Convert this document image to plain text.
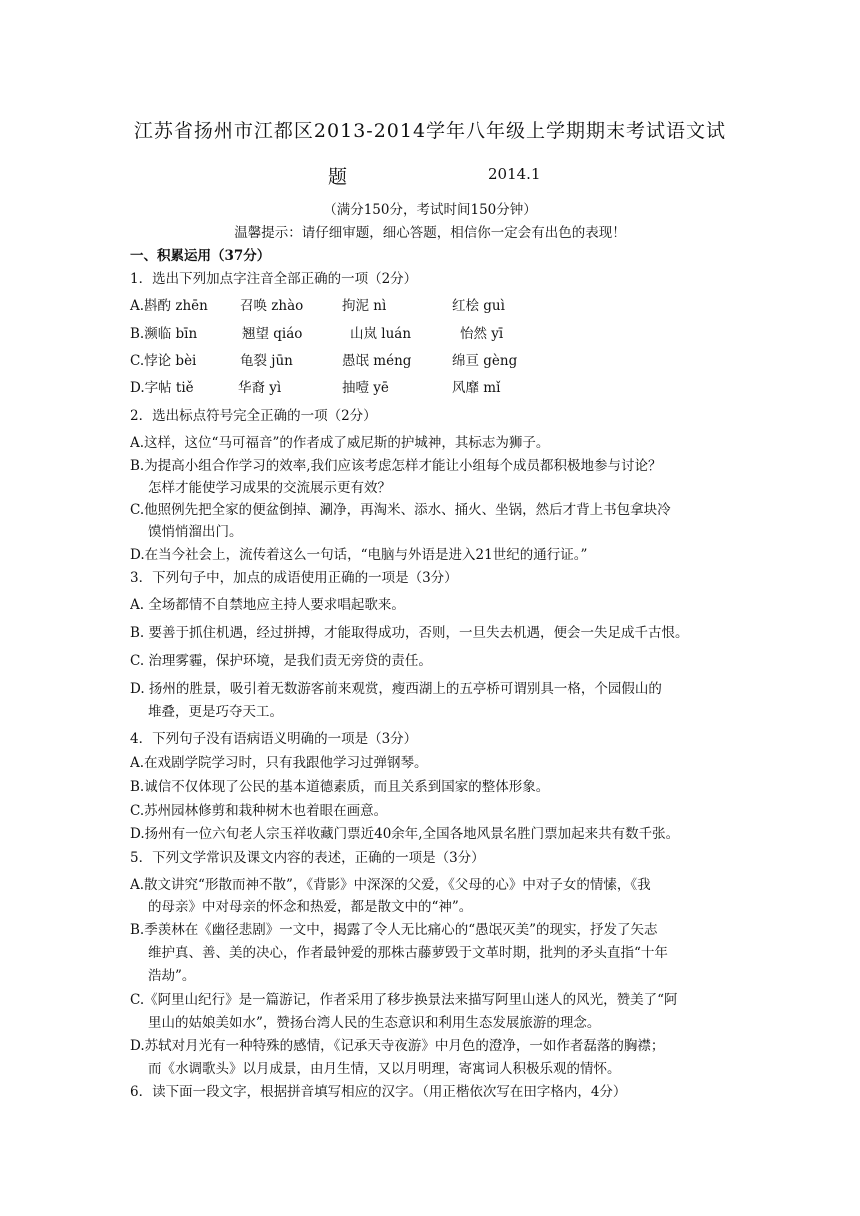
江苏省扬州市江都区2013-2014学年八年级上学期期末考试语文试
题	2014.1
（满分150分，考试时间150分钟）
温馨提示：请仔细审题，细心答题，相信你一定会有出色的表现！
一、积累运用（37分）
1．选出下列加点字注音全部正确的一项（2分）
A.斟酌 zhēn 召唤 zhào	拘泥 nì	红桧 guì
B.濒临 bīn	翘望 qiáo	山岚 luán	怡然 yī
C.悖论 bèi	龟裂 jūn	愚氓 méng	绵亘 gèng
D.字帖 tiě	华裔 yì	抽噎 yē	风靡 mǐ
2．选出标点符号完全正确的一项（2分）
A.这样，这位“马可福音”的作者成了威尼斯的护城神，其标志为狮子。
B.为提高小组合作学习的效率,我们应该考虑怎样才能让小组每个成员都积极地参与讨论？
怎样才能使学习成果的交流展示更有效？
C.他照例先把全家的便盆倒掉、涮净，再淘米、添水、捅火、坐锅，然后才背上书包拿块冷
馍悄悄溜出门。
D.在当今社会上，流传着这么一句话，“电脑与外语是进入21世纪的通行证。”
3．下列句子中，加点的成语使用正确的一项是（3分）
A. 全场都情不自禁地应主持人要求唱起歌来。
B. 要善于抓住机遇，经过拼搏，才能取得成功，否则，一旦失去机遇，便会一失足成千古恨。
C. 治理雾霾，保护环境，是我们责无旁贷的责任。
D. 扬州的胜景，吸引着无数游客前来观赏，瘦西湖上的五亭桥可谓别具一格，个园假山的
堆叠，更是巧夺天工。
4．下列句子没有语病语义明确的一项是（3分）
A.在戏剧学院学习时，只有我跟他学习过弹钢琴。
B.诚信不仅体现了公民的基本道德素质，而且关系到国家的整体形象。
C.苏州园林修剪和栽种树木也着眼在画意。
D.扬州有一位六旬老人宗玉祥收藏门票近40余年,全国各地风景名胜门票加起来共有数千张。
5．下列文学常识及课文内容的表述，正确的一项是（3分）
A.散文讲究“形散而神不散”，《背影》中深深的父爱，《父母的心》中对子女的情愫，《我
的母亲》中对母亲的怀念和热爱，都是散文中的“神”。
B.季羡林在《幽径悲剧》一文中，揭露了令人无比痛心的“愚氓灭美”的现实，抒发了矢志
维护真、善、美的决心，作者最钟爱的那株古藤萝毁于文革时期，批判的矛头直指“十年
浩劫”。
C.《阿里山纪行》是一篇游记，作者采用了移步换景法来描写阿里山迷人的风光，赞美了“阿
里山的姑娘美如水”，赞扬台湾人民的生态意识和利用生态发展旅游的理念。
D.苏轼对月光有一种特殊的感情，《记承天寺夜游》中月色的澄净，一如作者磊落的胸襟；
而《水调歌头》以月成景，由月生情，又以月明理，寄寓词人积极乐观的情怀。
6．读下面一段文字，根据拼音填写相应的汉字。（用正楷依次写在田字格内，4分）
